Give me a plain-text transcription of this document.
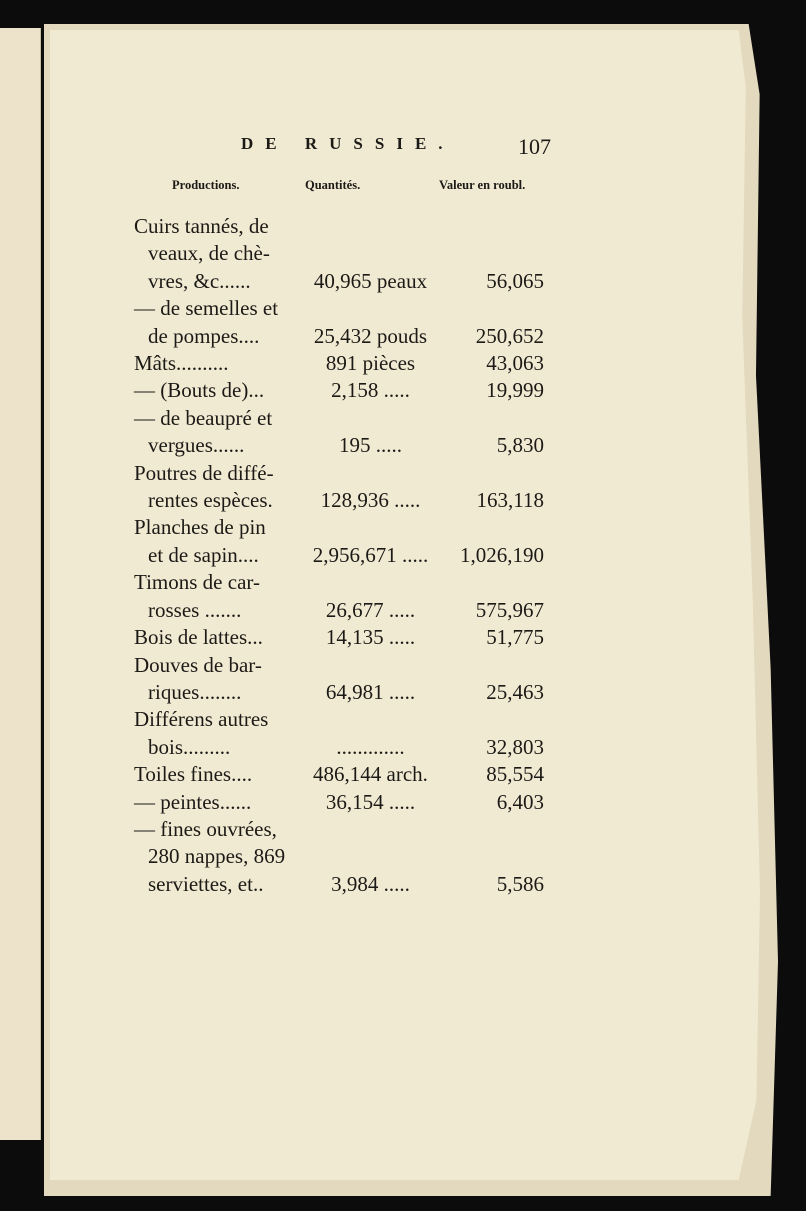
DE RUSSIE.	107
Productions.	Quantités.	Valeur en roubl.
Cuirs tannés, de
veaux, de chè-
vres, &c......	40,965 peaux	56,065
— de semelles et
de pompes....	25,432 pouds	250,652
Mâts..........	891 pièces	43,063
— (Bouts de)...	2,158 .....	19,999
— de beaupré et
vergues......	195 .....	5,830
Poutres de diffé-
rentes espèces.	128,936 .....	163,118
Planches de pin
et de sapin....	2,956,671 .....	1,026,190
Timons de car-
rosses .......	26,677 .....	575,967
Bois de lattes...	14,135 .....	51,775
Douves de bar-
riques........	64,981 .....	25,463
Différens autres
bois.........	.............	32,803
Toiles fines....	486,144 arch.	85,554
— peintes......	36,154 .....	6,403
— fines ouvrées,
280 nappes, 869
serviettes, et..	3,984 .....	5,586
